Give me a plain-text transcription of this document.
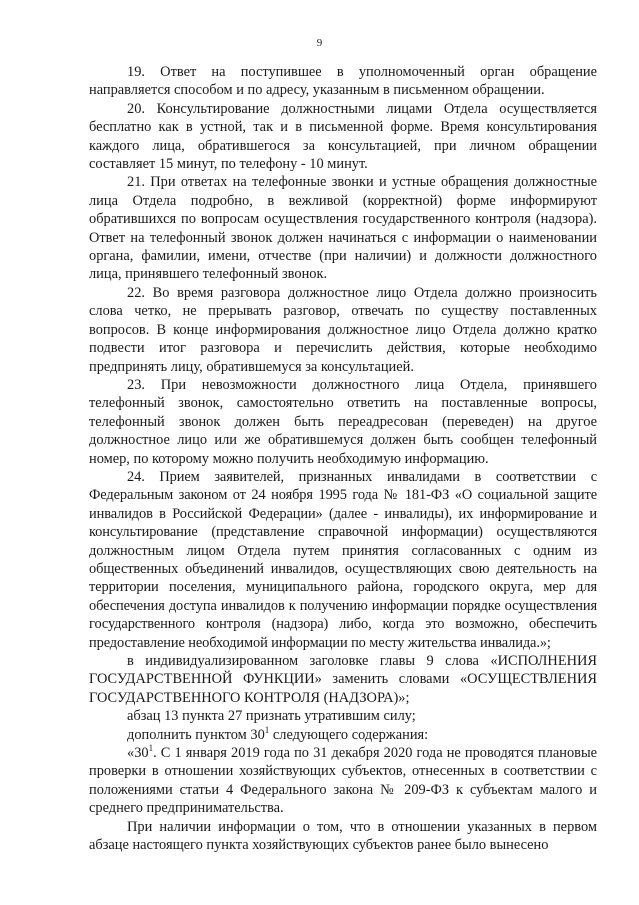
9

19. Ответ на поступившее в уполномоченный орган обращение направляется способом и по адресу, указанным в письменном обращении.

20. Консультирование должностными лицами Отдела осуществляется бесплатно как в устной, так и в письменной форме. Время консультирования каждого лица, обратившегося за консультацией, при личном обращении составляет 15 минут, по телефону - 10 минут.

21. При ответах на телефонные звонки и устные обращения должностные лица Отдела подробно, в вежливой (корректной) форме информируют обратившихся по вопросам осуществления государственного контроля (надзора). Ответ на телефонный звонок должен начинаться с информации о наименовании органа, фамилии, имени, отчестве (при наличии) и должности должностного лица, принявшего телефонный звонок.

22. Во время разговора должностное лицо Отдела должно произносить слова четко, не прерывать разговор, отвечать по существу поставленных вопросов. В конце информирования должностное лицо Отдела должно кратко подвести итог разговора и перечислить действия, которые необходимо предпринять лицу, обратившемуся за консультацией.

23. При невозможности должностного лица Отдела, принявшего телефонный звонок, самостоятельно ответить на поставленные вопросы, телефонный звонок должен быть переадресован (переведен) на другое должностное лицо или же обратившемуся должен быть сообщен телефонный номер, по которому можно получить необходимую информацию.

24. Прием заявителей, признанных инвалидами в соответствии с Федеральным законом от 24 ноября 1995 года № 181-ФЗ «О социальной защите инвалидов в Российской Федерации» (далее - инвалиды), их информирование и консультирование (представление справочной информации) осуществляются должностным лицом Отдела путем принятия согласованных с одним из общественных объединений инвалидов, осуществляющих свою деятельность на территории поселения, муниципального района, городского округа, мер для обеспечения доступа инвалидов к получению информации порядке осуществления государственного контроля (надзора) либо, когда это возможно, обеспечить предоставление необходимой информации по месту жительства инвалида.»;

в индивидуализированном заголовке главы 9 слова «ИСПОЛНЕНИЯ ГОСУДАРСТВЕННОЙ ФУНКЦИИ» заменить словами «ОСУЩЕСТВЛЕНИЯ ГОСУДАРСТВЕННОГО КОНТРОЛЯ (НАДЗОРА)»;

абзац 13 пункта 27 признать утратившим силу;

дополнить пунктом $30^1$ следующего содержания:

«$30^1$. С 1 января 2019 года по 31 декабря 2020 года не проводятся плановые проверки в отношении хозяйствующих субъектов, отнесенных в соответствии с положениями статьи 4 Федерального закона № 209-ФЗ к субъектам малого и среднего предпринимательства.

При наличии информации о том, что в отношении указанных в первом абзаце настоящего пункта хозяйствующих субъектов ранее было вынесено
